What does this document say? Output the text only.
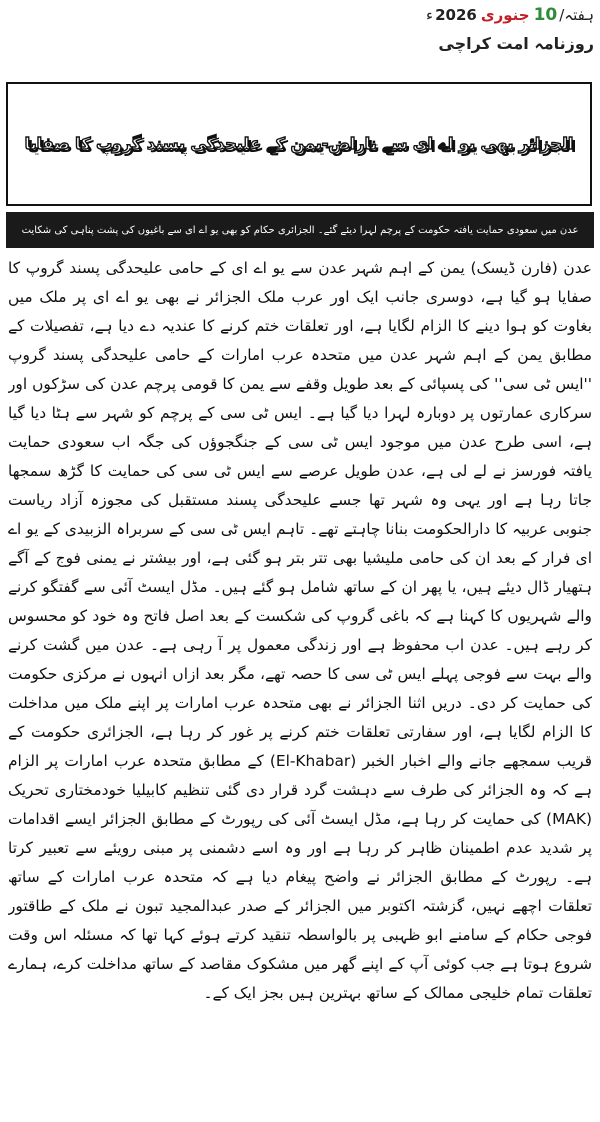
ہفتہ
/
10
جنوری
2026
ء
روزنامہ امت کراچی
الجزائر بھی یو اے ای سے ناراض-یمن کے علیحدگی پسند گروپ کا صفایا
عدن میں سعودی حمایت یافتہ حکومت کے پرچم لہرا دیئے گئے۔ الجزائری حکام کو بھی یو اے ای سے باغیوں کی پشت پناہی کی شکایت

عدن (فارن ڈیسک) یمن کے اہم شہر عدن سے یو اے ای کے حامی علیحدگی پسند گروپ کا صفایا ہو گیا ہے، دوسری جانب ایک اور عرب ملک الجزائر نے بھی یو اے ای پر ملک میں بغاوت کو ہوا دینے کا الزام لگایا ہے، اور تعلقات ختم کرنے کا عندیہ دے دیا ہے، تفصیلات کے مطابق یمن کے اہم شہر عدن میں متحدہ عرب امارات کے حامی علیحدگی پسند گروپ ''ایس ٹی سی'' کی پسپائی کے بعد طویل وقفے سے یمن کا قومی پرچم عدن کی سڑکوں اور سرکاری عمارتوں پر دوبارہ لہرا دیا گیا ہے۔ ایس ٹی سی کے پرچم کو شہر سے ہٹا دیا گیا ہے، اسی طرح عدن میں موجود ایس ٹی سی کے جنگجوؤں کی جگہ اب سعودی حمایت یافتہ فورسز نے لے لی ہے، عدن طویل عرصے سے ایس ٹی سی کی حمایت کا گڑھ سمجھا جاتا رہا ہے اور یہی وہ شہر تھا جسے علیحدگی پسند مستقبل کی مجوزہ آزاد ریاست جنوبی عربیہ کا دارالحکومت بنانا چاہتے تھے۔ تاہم ایس ٹی سی کے سربراہ الزبیدی کے یو اے ای فرار کے بعد ان کی حامی ملیشیا بھی تتر بتر ہو گئی ہے، اور بیشتر نے یمنی فوج کے آگے ہتھیار ڈال دیئے ہیں، یا پھر ان کے ساتھ شامل ہو گئے ہیں۔ مڈل ایسٹ آئی سے گفتگو کرنے والے شہریوں کا کہنا ہے کہ باغی گروپ کی شکست کے بعد اصل فاتح وہ خود کو محسوس کر رہے ہیں۔ عدن اب محفوظ ہے اور زندگی معمول پر آ رہی ہے۔ عدن میں گشت کرنے والے بہت سے فوجی پہلے ایس ٹی سی کا حصہ تھے، مگر بعد ازاں انہوں نے مرکزی حکومت کی حمایت کر دی۔ دریں اثنا الجزائر نے بھی متحدہ عرب امارات پر اپنے ملک میں مداخلت کا الزام لگایا ہے، اور سفارتی تعلقات ختم کرنے پر غور کر رہا ہے، الجزائری حکومت کے قریب سمجھے جانے والے اخبار الخبر (El-Khabar) کے مطابق متحدہ عرب امارات پر الزام ہے کہ وہ الجزائر کی طرف سے دہشت گرد قرار دی گئی تنظیم کابیلیا خودمختاری تحریک (MAK) کی حمایت کر رہا ہے، مڈل ایسٹ آئی کی رپورٹ کے مطابق الجزائر ایسے اقدامات پر شدید عدم اطمینان ظاہر کر رہا ہے اور وہ اسے دشمنی پر مبنی رویئے سے تعبیر کرتا ہے۔ رپورٹ کے مطابق الجزائر نے واضح پیغام دیا ہے کہ متحدہ عرب امارات کے ساتھ تعلقات اچھے نہیں، گزشتہ اکتوبر میں الجزائر کے صدر عبدالمجید تبون نے ملک کے طاقتور فوجی حکام کے سامنے ابو ظہبی پر بالواسطہ تنقید کرتے ہوئے کہا تھا کہ مسئلہ اس وقت شروع ہوتا ہے جب کوئی آپ کے اپنے گھر میں مشکوک مقاصد کے ساتھ مداخلت کرے، ہمارے تعلقات تمام خلیجی ممالک کے ساتھ بہترین ہیں بجز ایک کے۔
